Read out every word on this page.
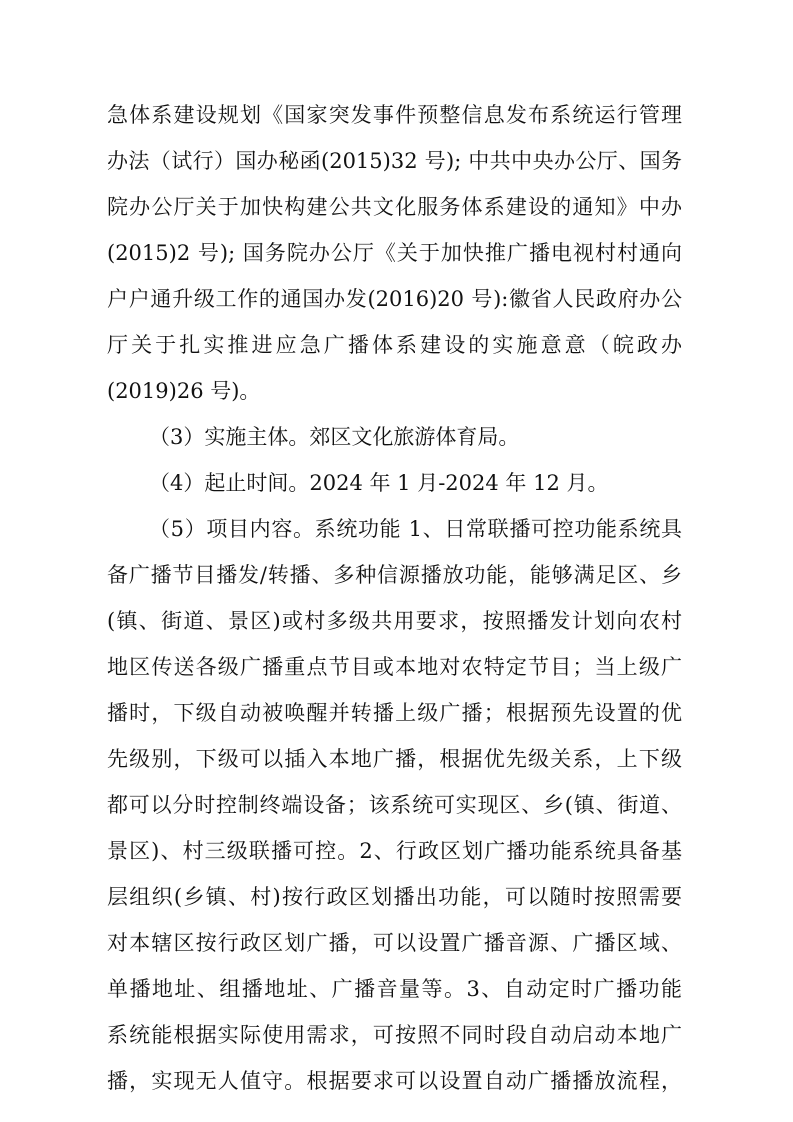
急体系建设规划《国家突发事件预整信息发布系统运行管理
办法（试行）国办秘函(2015)32 号); 中共中央办公厅、国务
院办公厅关于加快构建公共文化服务体系建设的通知》中办
(2015)2 号); 国务院办公厅《关于加快推广播电视村村通向
户户通升级工作的通国办发(2016)20 号):徽省人民政府办公
厅关于扎实推进应急广播体系建设的实施意意（皖政办
(2019)26 号)。
（3）实施主体。郊区文化旅游体育局。
（4）起止时间。2024 年 1 月-2024 年 12 月。
（5）项目内容。系统功能 1、日常联播可控功能系统具
备广播节目播发/转播、多种信源播放功能，能够满足区、乡
(镇、街道、景区)或村多级共用要求，按照播发计划向农村
地区传送各级广播重点节目或本地对农特定节目；当上级广
播时，下级自动被唤醒并转播上级广播；根据预先设置的优
先级别，下级可以插入本地广播，根据优先级关系，上下级
都可以分时控制终端设备；该系统可实现区、乡(镇、街道、
景区)、村三级联播可控。2、行政区划广播功能系统具备基
层组织(乡镇、村)按行政区划播出功能，可以随时按照需要
对本辖区按行政区划广播，可以设置广播音源、广播区域、
单播地址、组播地址、广播音量等。3、自动定时广播功能
系统能根据实际使用需求，可按照不同时段自动启动本地广
播，实现无人值守。根据要求可以设置自动广播播放流程，
